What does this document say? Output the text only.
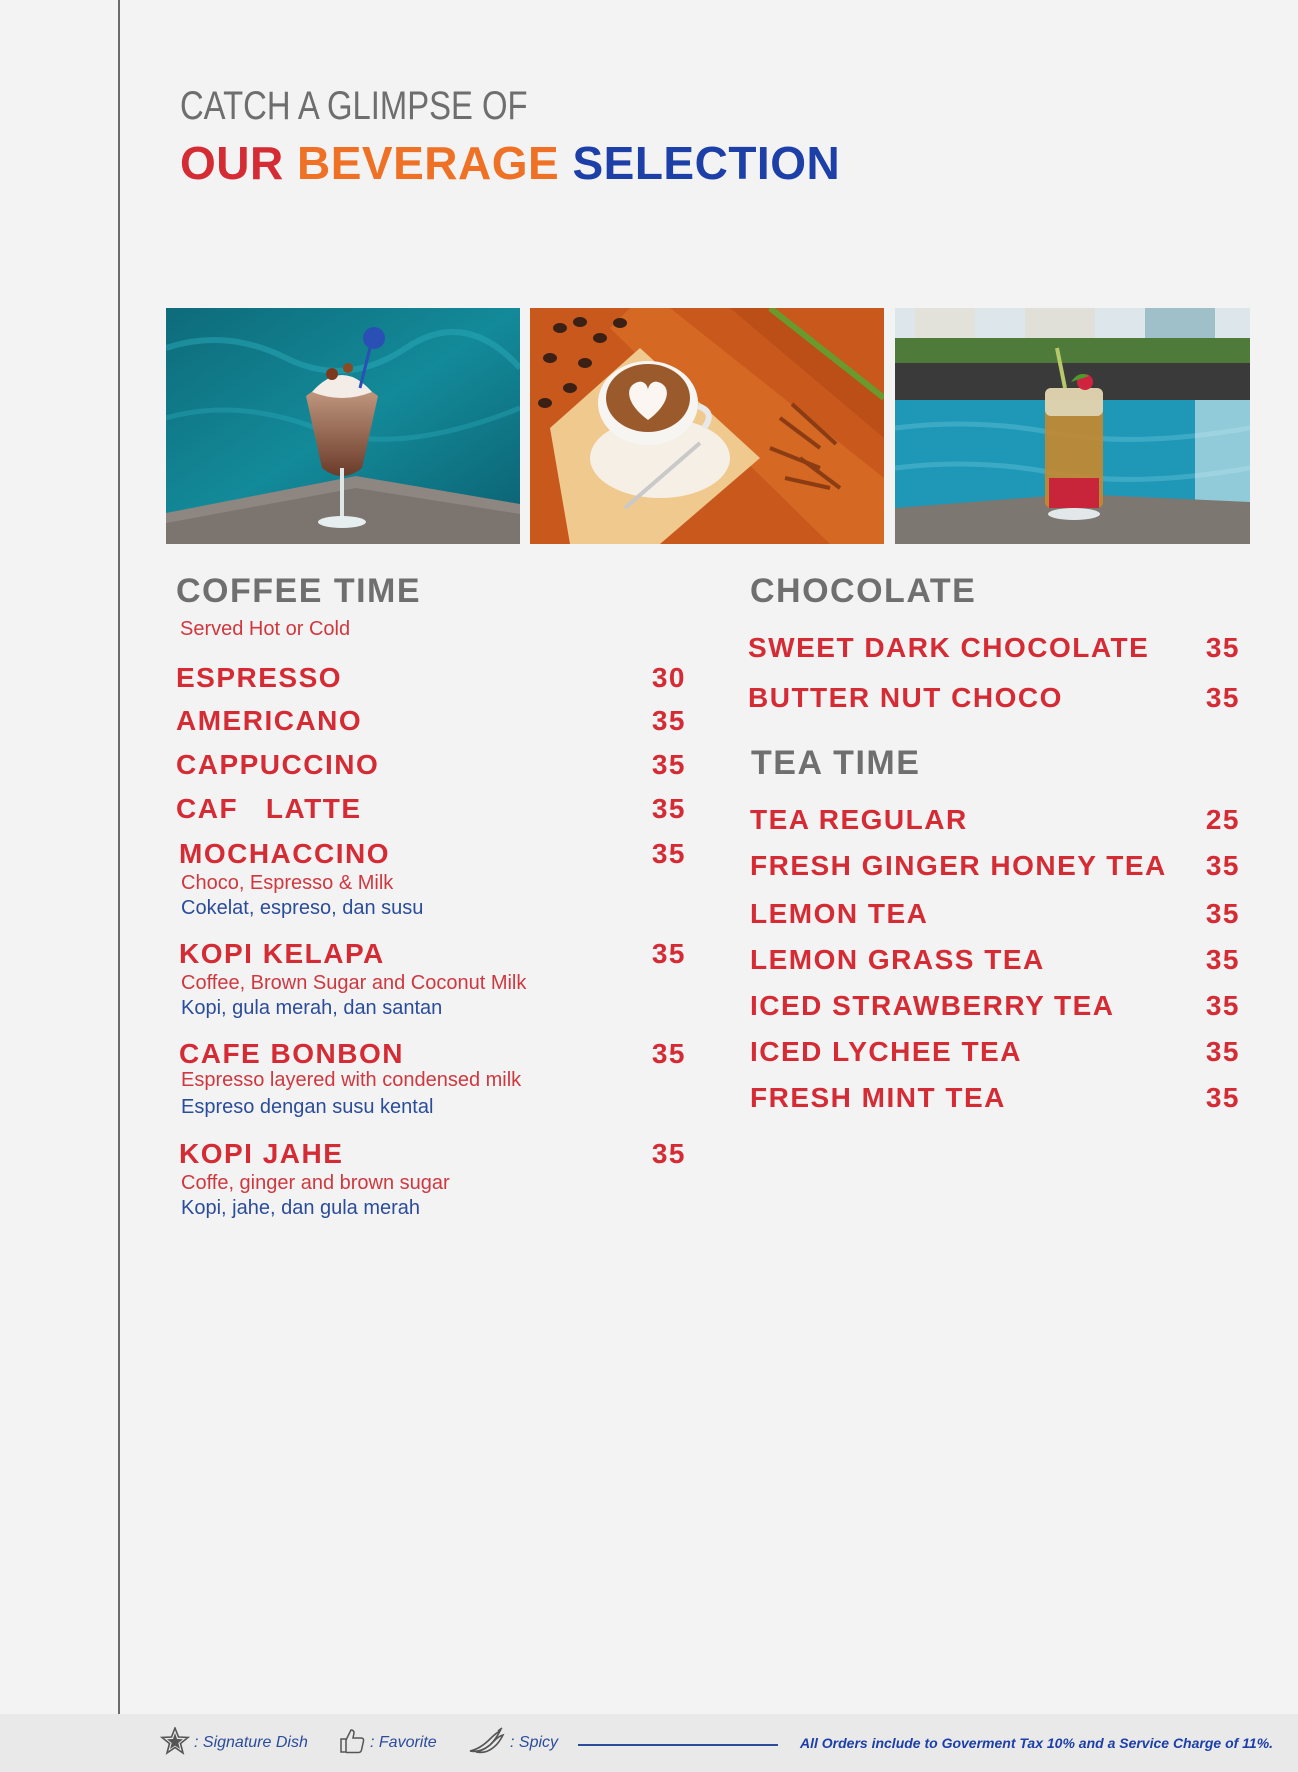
CATCH A GLIMPSE OF
OUR BEVERAGE SELECTION
COFFEE TIME
Served Hot or Cold
ESPRESSO	30
AMERICANO	35
CAPPUCCINO	35
CAF   LATTE	35
MOCHACCINO	35
Choco, Espresso & Milk
Cokelat, espreso, dan susu
KOPI KELAPA	35
Coffee, Brown Sugar and Coconut Milk
Kopi, gula merah, dan santan
CAFE BONBON	35
Espresso layered with condensed milk
Espreso dengan susu kental
KOPI JAHE	35
Coffe, ginger and brown sugar
Kopi, jahe, dan gula merah
CHOCOLATE
SWEET DARK CHOCOLATE 35
BUTTER NUT CHOCO	35
TEA TIME
TEA REGULAR	25
FRESH GINGER HONEY TEA 35
LEMON TEA	35
LEMON GRASS TEA	35
ICED STRAWBERRY TEA	35
ICED LYCHEE TEA	35
FRESH MINT TEA	35
: Signature Dish	: Favorite	: Spicy	All Orders include to Goverment Tax 10% and a Service Charge of 11%.
